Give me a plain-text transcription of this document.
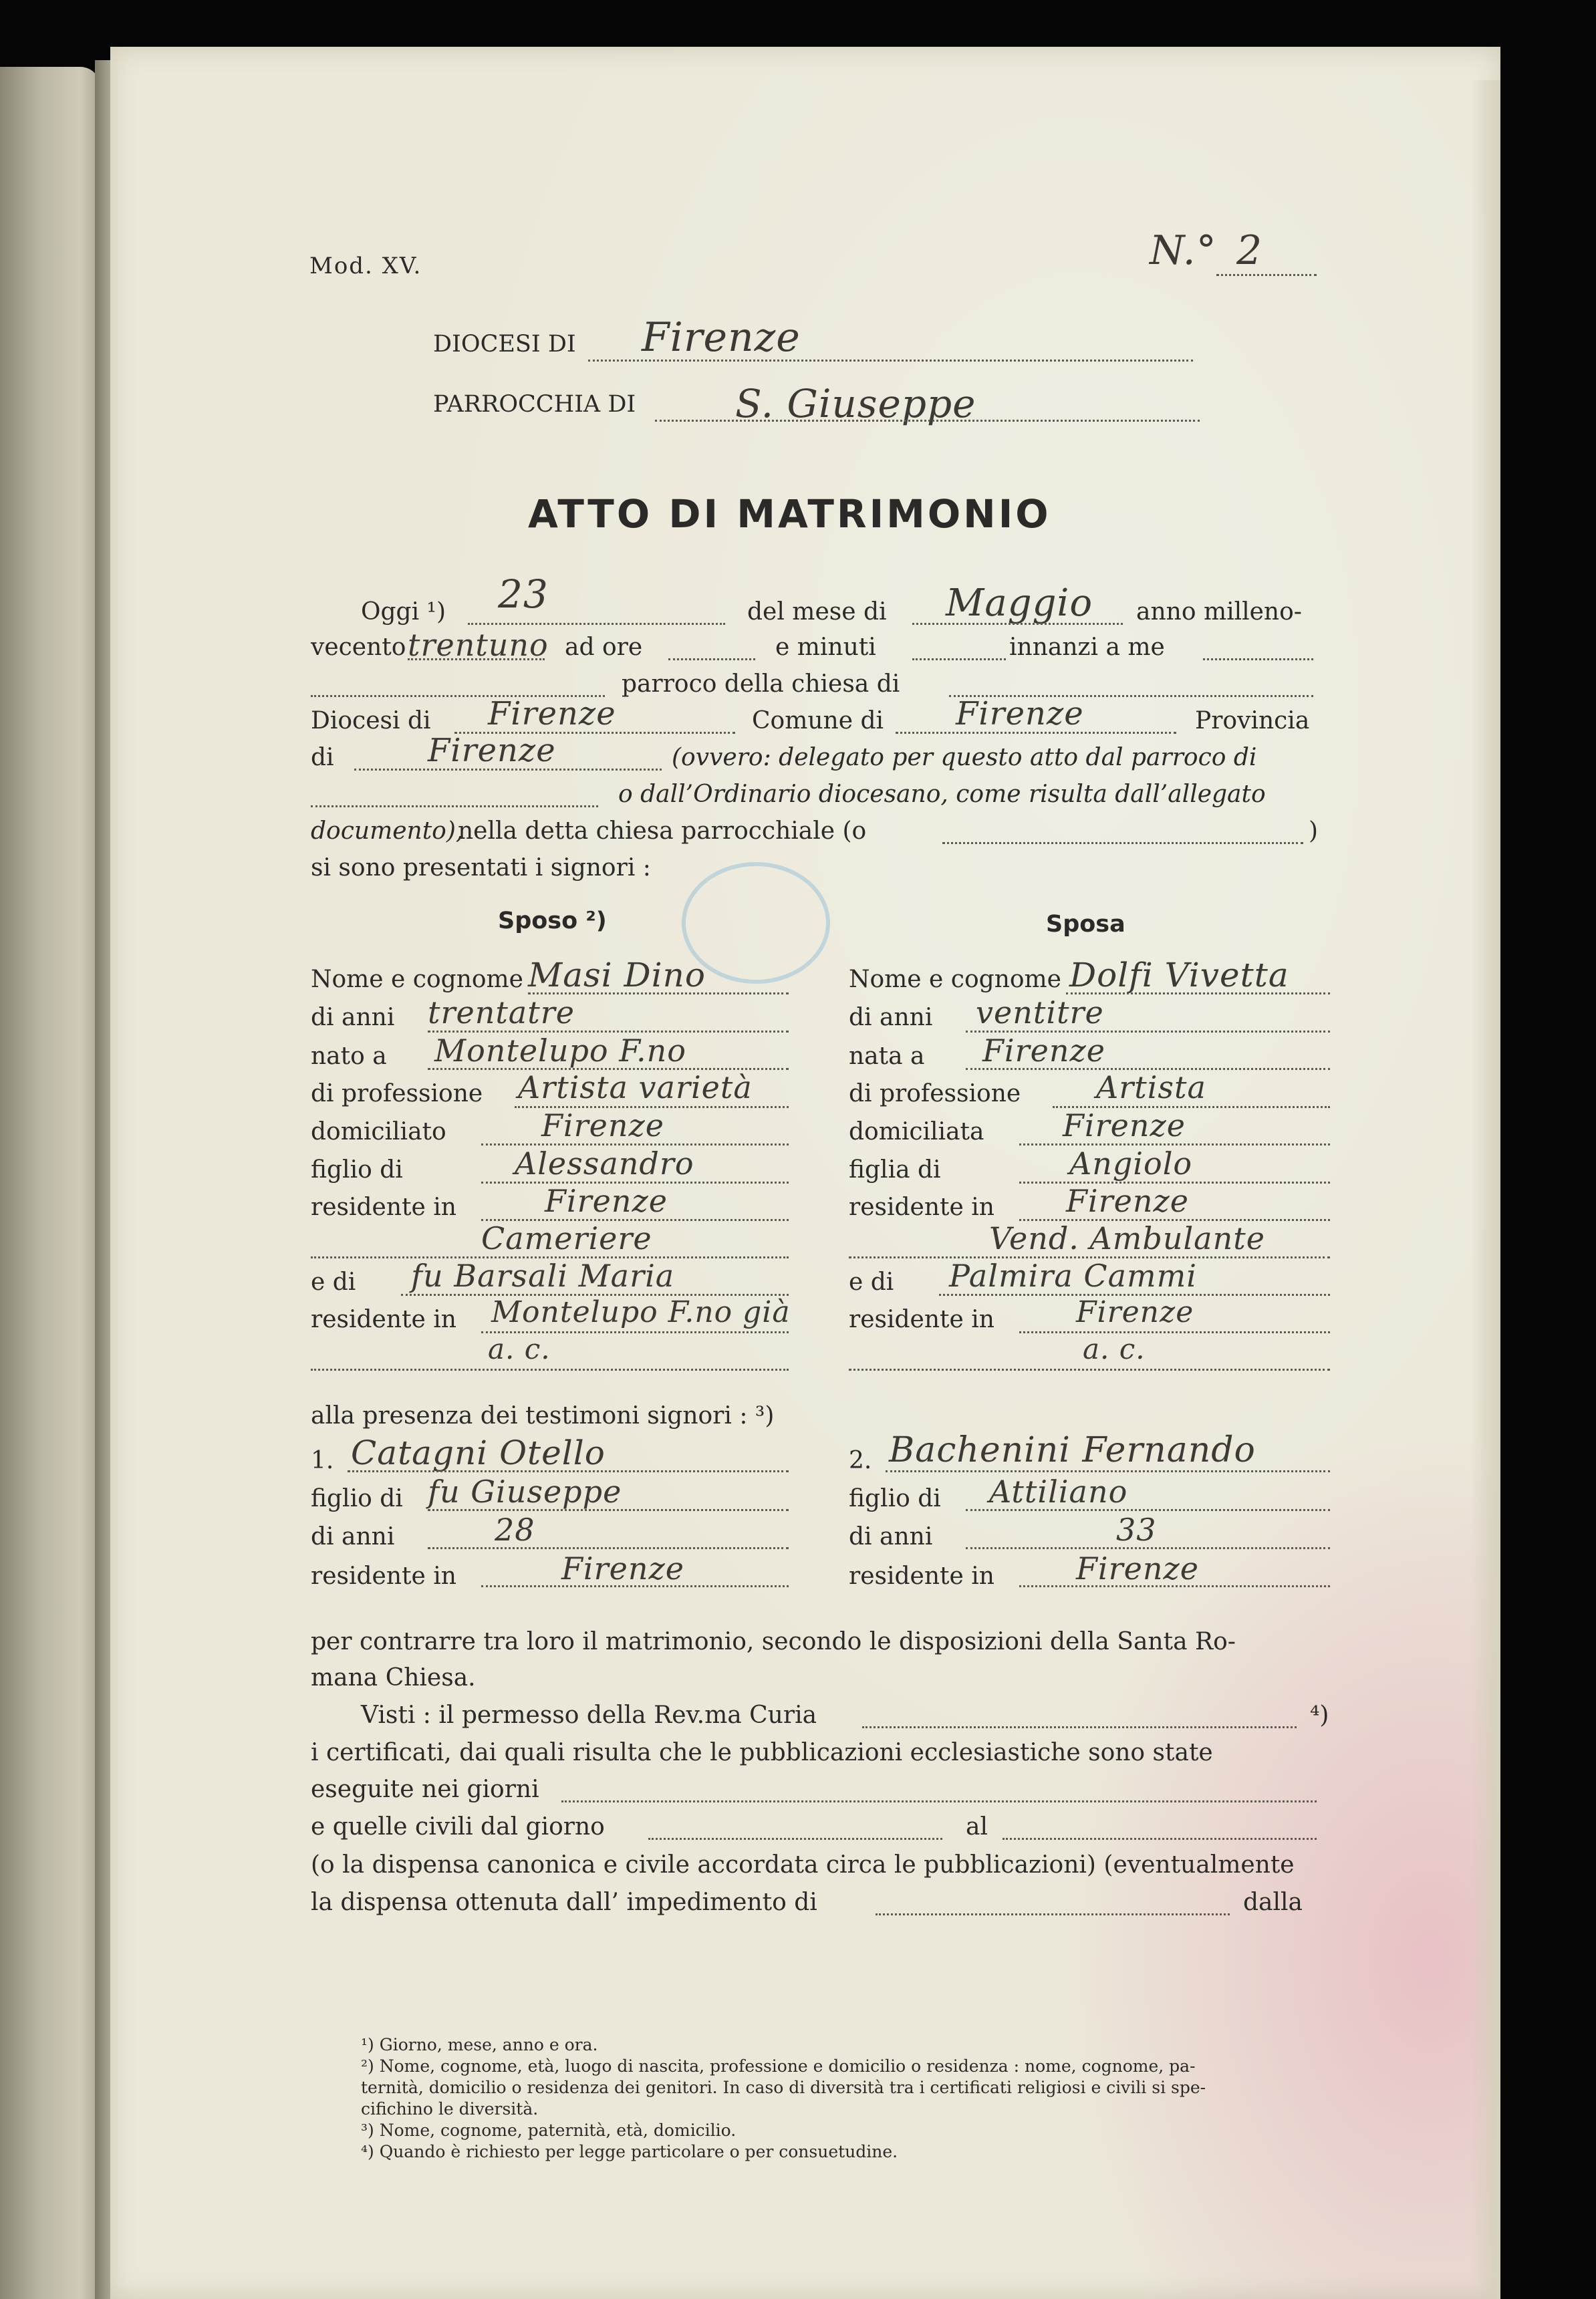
Mod. XV.	N.° 2
DIOCESI DI Firenze
PARROCCHIA DI	S. Giuseppe
ATTO DI MATRIMONIO
Oggi ¹) 23	del mese di Maggio anno milleno-
vecento trentuno ad ore	e minuti	innanzi a me
parroco della chiesa di
Diocesi di Firenze	Comune di Firenze	Provincia
di	Firenze	(ovvero: delegato per questo atto dal parroco di
o dall’Ordinario diocesano, come risulta dall’allegato
documento),
nella detta chiesa parrocchiale (o	)
si sono presentati i signori :
Sposo ²)	Sposa
Nome e cognome Masi Dino
di anni trentatre
nato a Montelupo F.no
di professione Artista varietà
domiciliato	Firenze
figlio di	Alessandro
residente in	Firenze
Cameriere
e di fu Barsali Maria
residente in Montelupo F.no già
a. c.
Nome e cognome Dolfi Vivetta
di anni ventitre
nata a Firenze
di professione Artista
domiciliata	Firenze
figlia di	Angiolo
residente in Firenze
Vend. Ambulante
e di Palmira Cammi
residente in	Firenze
a. c.
alla presenza dei testimoni signori : ³)
1. Catagni Otello
figlio di fu Giuseppe
di anni	28
residente in	Firenze
2. Bachenini Fernando
figlio di Attiliano
di anni	33
residente in	Firenze
per contrarre tra loro il matrimonio, secondo le disposizioni della Santa Ro-
mana Chiesa.
Visti : il permesso della Rev.ma Curia	⁴)
i certificati, dai quali risulta che le pubblicazioni ecclesiastiche sono state
eseguite nei giorni
e quelle civili dal giorno	al
(o la dispensa canonica e civile accordata circa le pubblicazioni) (eventualmente
la dispensa ottenuta dall’ impedimento di	dalla
¹) Giorno, mese, anno e ora.
²) Nome, cognome, età, luogo di nascita, professione e domicilio o residenza : nome, cognome, pa-
ternità, domicilio o residenza dei genitori. In caso di diversità tra i certificati religiosi e civili si spe-
cifichino le diversità.
³) Nome, cognome, paternità, età, domicilio.
⁴) Quando è richiesto per legge particolare o per consuetudine.
